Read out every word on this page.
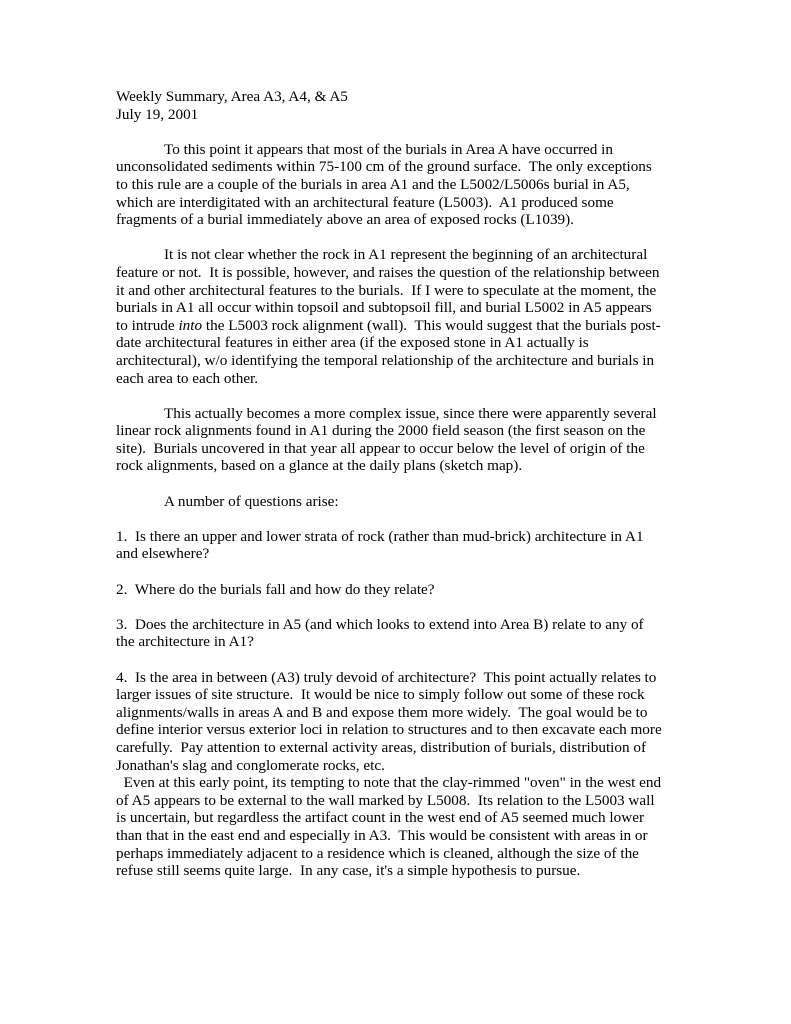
Weekly Summary, Area A3, A4, & A5
July 19, 2001
To this point it appears that most of the burials in Area A have occurred in
unconsolidated sediments within 75-100 cm of the ground surface.  The only exceptions
to this rule are a couple of the burials in area A1 and the L5002/L5006s burial in A5,
which are interdigitated with an architectural feature (L5003).  A1 produced some
fragments of a burial immediately above an area of exposed rocks (L1039).
It is not clear whether the rock in A1 represent the beginning of an architectural
feature or not.  It is possible, however, and raises the question of the relationship between
it and other architectural features to the burials.  If I were to speculate at the moment, the
burials in A1 all occur within topsoil and subtopsoil fill, and burial L5002 in A5 appears
to intrude into the L5003 rock alignment (wall).  This would suggest that the burials post-
date architectural features in either area (if the exposed stone in A1 actually is
architectural), w/o identifying the temporal relationship of the architecture and burials in
each area to each other.
This actually becomes a more complex issue, since there were apparently several
linear rock alignments found in A1 during the 2000 field season (the first season on the
site).  Burials uncovered in that year all appear to occur below the level of origin of the
rock alignments, based on a glance at the daily plans (sketch map).
A number of questions arise:
1.  Is there an upper and lower strata of rock (rather than mud-brick) architecture in A1
and elsewhere?
2.  Where do the burials fall and how do they relate?
3.  Does the architecture in A5 (and which looks to extend into Area B) relate to any of
the architecture in A1?
4.  Is the area in between (A3) truly devoid of architecture?  This point actually relates to
larger issues of site structure.  It would be nice to simply follow out some of these rock
alignments/walls in areas A and B and expose them more widely.  The goal would be to
define interior versus exterior loci in relation to structures and to then excavate each more
carefully.  Pay attention to external activity areas, distribution of burials, distribution of
Jonathan's slag and conglomerate rocks, etc.
Even at this early point, its tempting to note that the clay-rimmed "oven" in the west end
of A5 appears to be external to the wall marked by L5008.  Its relation to the L5003 wall
is uncertain, but regardless the artifact count in the west end of A5 seemed much lower
than that in the east end and especially in A3.  This would be consistent with areas in or
perhaps immediately adjacent to a residence which is cleaned, although the size of the
refuse still seems quite large.  In any case, it's a simple hypothesis to pursue.
